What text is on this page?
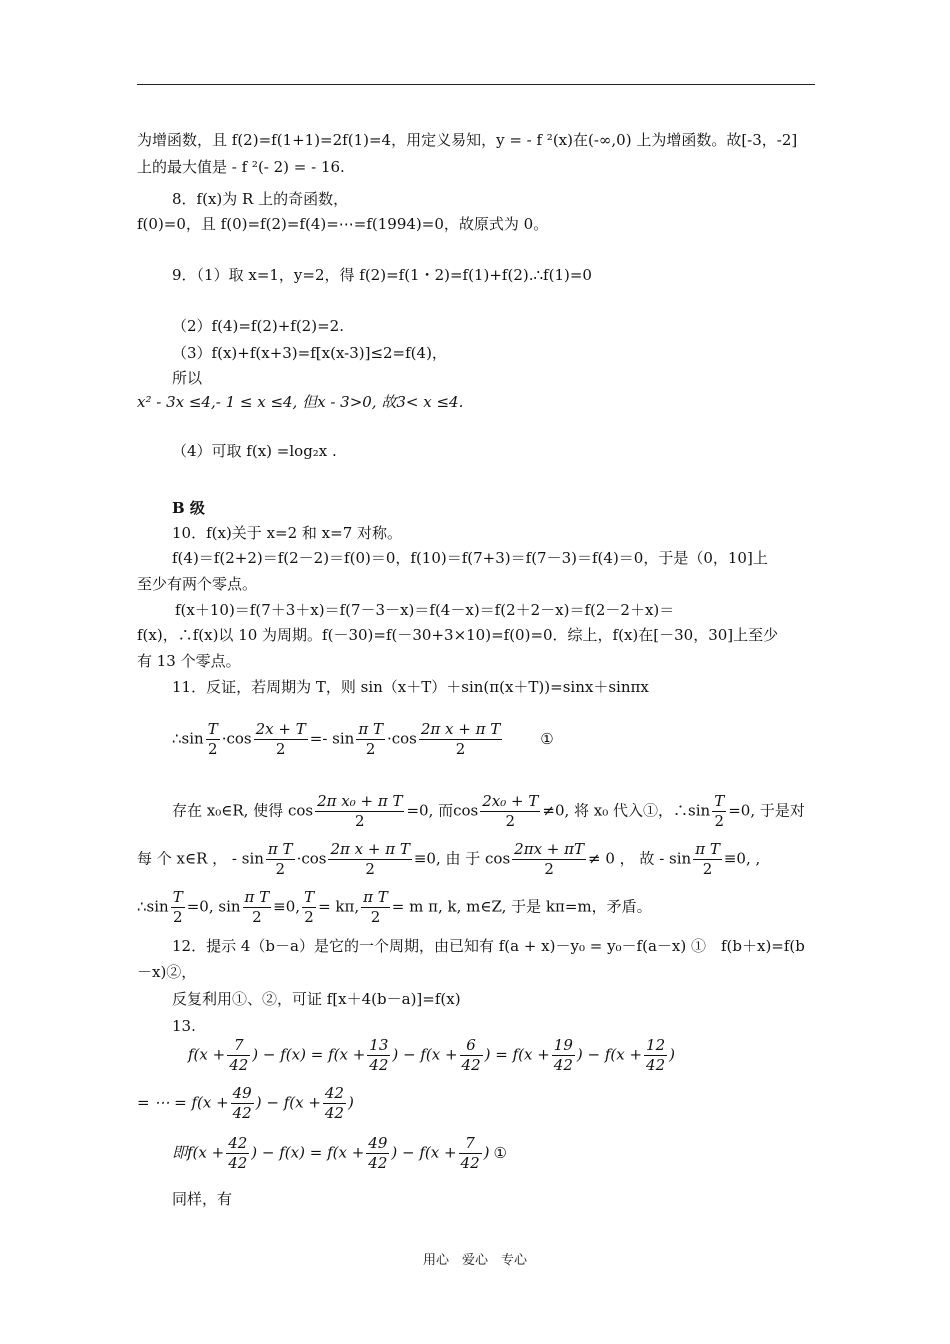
为增函数，且 f(2)=f(1+1)=2f(1)=4，用定义易知，y = - f ²(x)在(-∞,0) 上为增函数。故[-3，-2]
上的最大值是 - f ²(- 2) = - 16.
8．f(x)为 R 上的奇函数，
f(0)=0，且 f(0)=f(2)=f(4)=⋯=f(1994)=0，故原式为 0。
9．（1）取 x=1，y=2，得 f(2)=f(1・2)=f(1)+f(2).∴f(1)=0
（2）f(4)=f(2)+f(2)=2.
（3）f(x)+f(x+3)=f[x(x-3)]≤2=f(4)，
所以
x² - 3x ≤4,- 1 ≤ x ≤4, 但x - 3>0, 故3< x ≤4.
（4）可取 f(x) =log₂x .
B 级
10．f(x)关于 x=2 和 x=7 对称。
f(4)＝f(2+2)＝f(2－2)＝f(0)＝0，f(10)＝f(7+3)＝f(7－3)＝f(4)＝0，于是（0，10]上
至少有两个零点。
f(x＋10)＝f(7＋3＋x)＝f(7－3－x)＝f(4－x)＝f(2＋2－x)＝f(2－2＋x)＝
f(x)，∴f(x)以 10 为周期。f(－30)=f(－30+3×10)=f(0)=0．综上，f(x)在[－30，30]上至少
有 13 个零点。
11．反证，若周期为 T，则 sin（x＋T）＋sin(π(x＋T))=sinx＋sinπx
∴sin $\frac{T}{2} \cdot\cos \frac{2x + T}{2} =- \sin \frac{\text{π T}}{2} \cdot\cos \frac{\text{2π x + π T}}{2}$	①
存在 x₀∈R, 使得 $\cos \frac{\text{2π x₀ + π T}}{2} =0$, 而$\cos \frac{\text{2x₀ + T}}{2} \ne 0$, 将 x₀ 代入①，∴sin $\frac{T}{2} =0$, 于是对
每 个 x∈R ， - $\sin \frac{\text{π T}}{2} \cdot\cos \frac{\text{2π x + π T}}{2} \equiv 0$, 由 于 $\cos \frac{2\pi x + \pi T}{2} \ne 0$ ， 故 - $\sin \frac{\text{π T}}{2} \equiv 0$, ,
∴sin $\frac{T}{2} =0$, $\sin \frac{\text{π T}}{2} \equiv 0$, $\frac{T}{2} = k\pi$, $\frac{\text{π T}}{2} = m$ π, k, m∈Z, 于是 kπ=m，矛盾。
12．提示 4（b－a）是它的一个周期，由已知有 f(a + x)－y₀ = y₀－f(a－x) ①　f(b＋x)=f(b
－x)②，
反复利用①、②，可证 f[x＋4(b－a)]=f(x)
13.
$f(x + \frac{7}{42}$ ) − $f(x) = f(x + \frac{13}{42}$ ) − $f(x + \frac{6}{42}$ ) = $f(x + \frac{19}{42}$ ) − $f(x + \frac{12}{42}$ )
= ⋯ = $f(x + \frac{49}{42}$ ) − $f(x + \frac{42}{42}$ )
即$f(x + \frac{42}{42}$ ) − $f(x) = f(x + \frac{49}{42}$ ) − $f(x + \frac{7}{42}$ ) ①
同样，有
用心　爱心　专心
